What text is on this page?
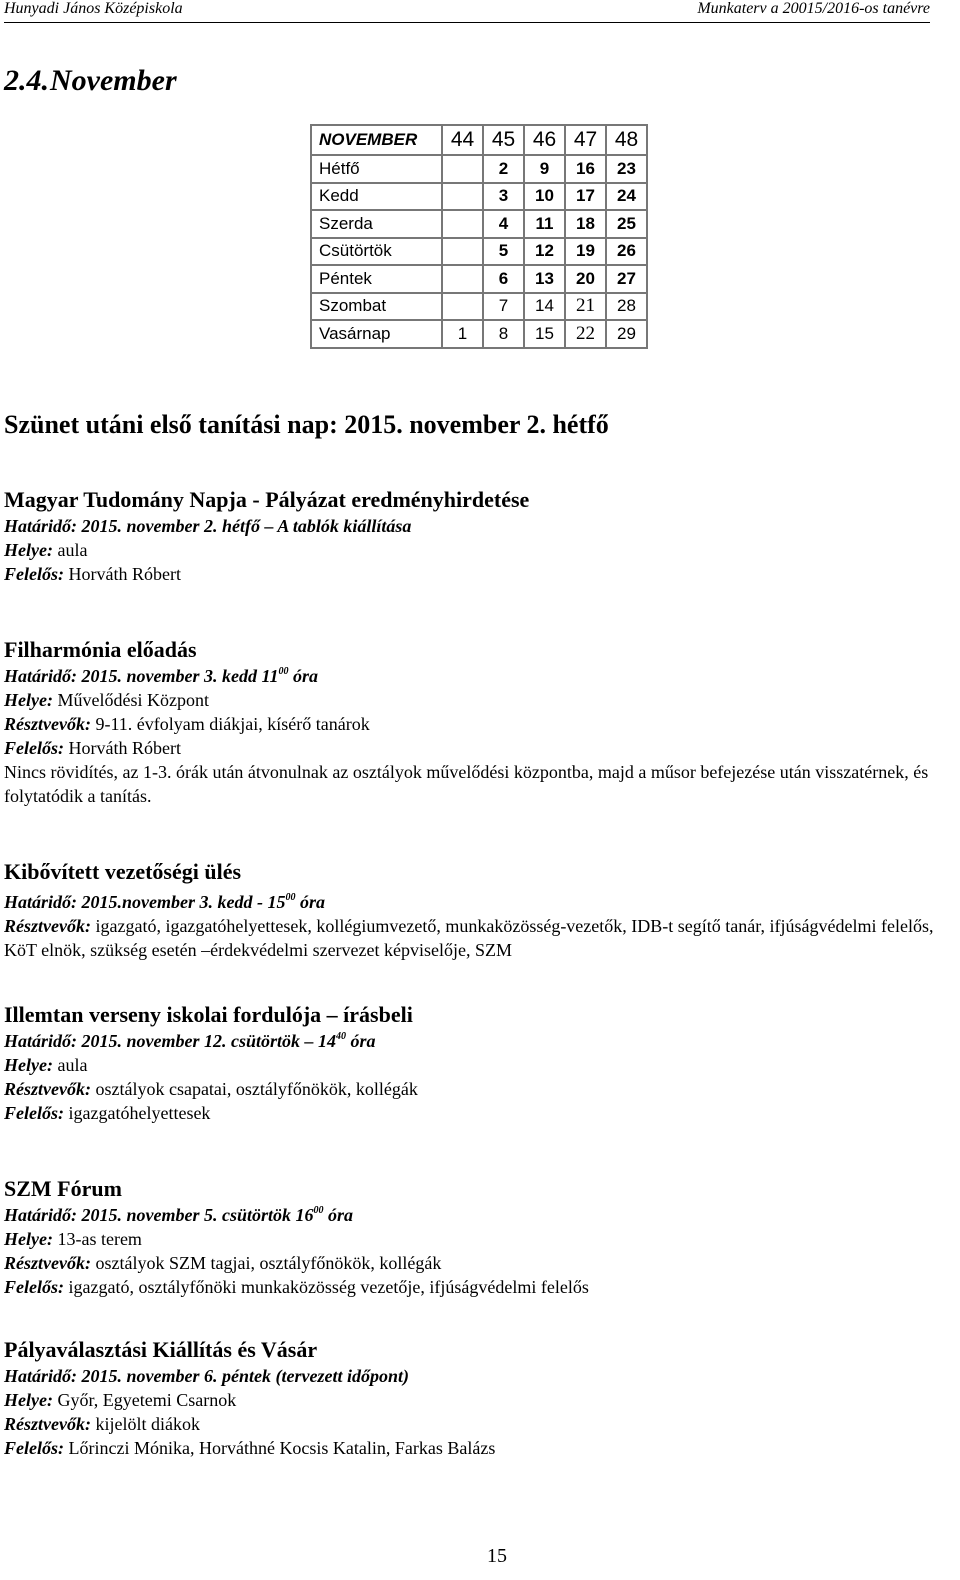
Hunyadi János Középiskola	Munkaterv a 20015/2016-os tanévre
2.4.November
NOVEMBER	44	45	46	47	48
Hétfő		2	9	16	23
Kedd		3	10	17	24
Szerda		4	11	18	25
Csütörtök		5	12	19	26
Péntek		6	13	20	27
Szombat		7	14	21	28
Vasárnap	1	8	15	22	29
Szünet utáni első tanítási nap: 2015. november 2. hétfő
Magyar Tudomány Napja - Pályázat eredményhirdetése
Határidő: 2015. november 2. hétfő – A tablók kiállítása
Helye: aula
Felelős: Horváth Róbert
Filharmónia előadás
Határidő: 2015. november 3. kedd $11^{00}$ óra
Helye: Művelődési Központ
Résztvevők: 9-11. évfolyam diákjai, kísérő tanárok
Felelős: Horváth Róbert
Nincs rövidítés, az 1-3. órák után átvonulnak az osztályok művelődési központba, majd a műsor befejezése után visszatérnek, és folytatódik a tanítás.
Kibővített vezetőségi ülés
Határidő: 2015.november 3. kedd - $15^{00}$ óra
Résztvevők: igazgató, igazgatóhelyettesek, kollégiumvezető, munkaközösség-vezetők, IDB-t segítő tanár, ifjúságvédelmi felelős, KöT elnök, szükség esetén –érdekvédelmi szervezet képviselője, SZM
Illemtan verseny iskolai fordulója – írásbeli
Határidő: 2015. november 12. csütörtök – $14^{40}$ óra
Helye: aula
Résztvevők: osztályok csapatai, osztályfőnökök, kollégák
Felelős: igazgatóhelyettesek
SZM Fórum
Határidő: 2015. november 5. csütörtök $16^{00}$ óra
Helye: 13-as terem
Résztvevők: osztályok SZM tagjai, osztályfőnökök, kollégák
Felelős: igazgató, osztályfőnöki munkaközösség vezetője, ifjúságvédelmi felelős
Pályaválasztási Kiállítás és Vásár
Határidő: 2015. november 6. péntek (tervezett időpont)
Helye: Győr, Egyetemi Csarnok
Résztvevők: kijelölt diákok
Felelős: Lőrinczi Mónika, Horváthné Kocsis Katalin, Farkas Balázs
15
